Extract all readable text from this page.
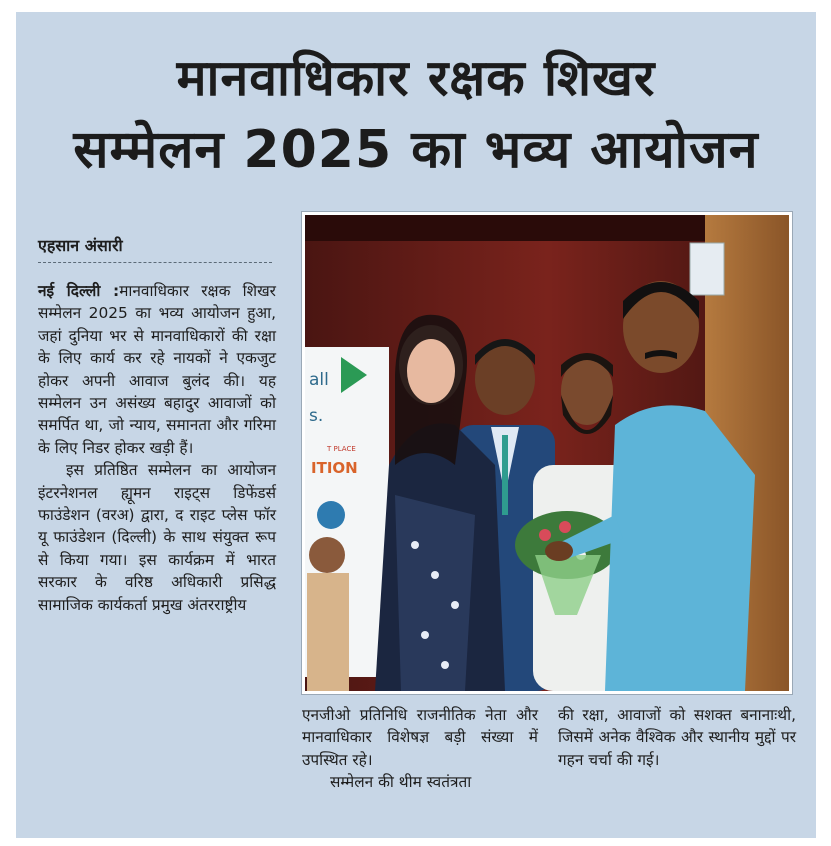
मानवाधिकार रक्षक शिखर
सम्मेलन 2025 का भव्य आयोजन
एहसान अंसारी

नई दिल्ली :मानवाधिकार रक्षक शिखर सम्मेलन 2025 का भव्य आयोजन हुआ, जहां दुनिया भर से मानवाधिकारों की रक्षा के लिए कार्य कर रहे नायकों ने एकजुट होकर अपनी आवाज बुलंद की। यह सम्मेलन उन असंख्य बहादुर आवाजों को समर्पित था, जो न्याय, समानता और गरिमा के लिए निडर होकर खड़ी हैं।

इस प्रतिष्ठित सम्मेलन का आयोजन इंटरनेशनल ह्यूमन राइट्स डिफेंडर्स फाउंडेशन (वरअ) द्वारा, द राइट प्लेस फॉर यू फाउंडेशन (दिल्ली) के साथ संयुक्त रूप से किया गया। इस कार्यक्रम में भारत सरकार के वरिष्ठ अधिकारी प्रसिद्ध सामाजिक कार्यकर्ता प्रमुख अंतरराष्ट्रीय

all
s.
T PLACE
ITION

एनजीओ प्रतिनिधि राजनीतिक नेता और मानवाधिकार विशेषज्ञ बड़ी संख्या में उपस्थित रहे।

सम्मेलन की थीम स्वतंत्रता

की रक्षा, आवाजों को सशक्त बनानाःथी, जिसमें अनेक वैश्विक और स्थानीय मुद्दों पर गहन चर्चा की गई।
